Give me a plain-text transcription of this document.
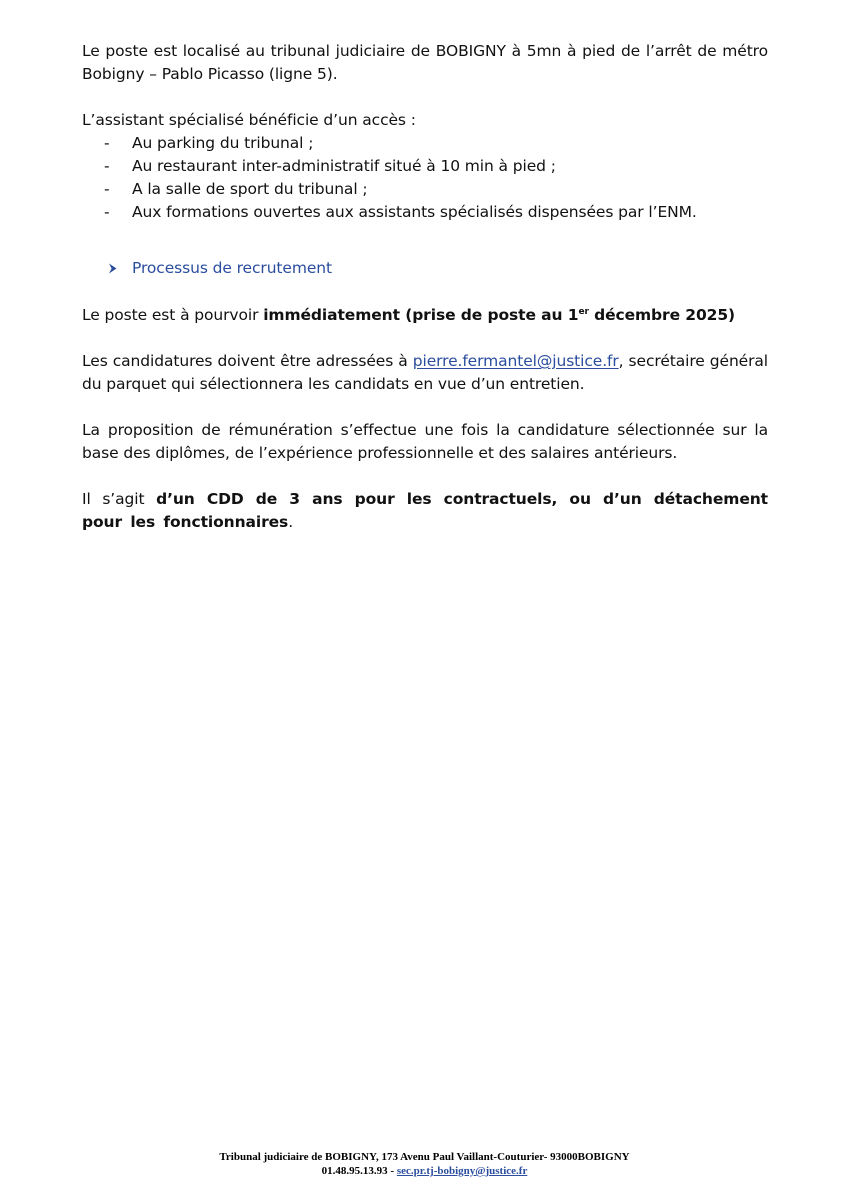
Le poste est localisé au tribunal judiciaire de BOBIGNY à 5mn à pied de l’arrêt de métro Bobigny – Pablo Picasso (ligne 5).

L’assistant spécialisé bénéficie d’un accès :

-	Au parking du tribunal ;
-	Au restaurant inter-administratif situé à 10 min à pied ;
-	A la salle de sport du tribunal ;
-	Aux formations ouvertes aux assistants spécialisés dispensées par l’ENM.
Processus de recrutement

Le poste est à pourvoir immédiatement (prise de poste au 1er décembre 2025)

Les candidatures doivent être adressées à pierre.fermantel@justice.fr, secrétaire général du parquet qui sélectionnera les candidats en vue d’un entretien.

La proposition de rémunération s’effectue une fois la candidature sélectionnée sur la base des diplômes, de l’expérience professionnelle et des salaires antérieurs.

Il s’agit d’un CDD de 3 ans pour les contractuels, ou d’un détachement pour les fonctionnaires.

Tribunal judiciaire de BOBIGNY, 173 Avenu Paul Vaillant-Couturier- 93000BOBIGNY
01.48.95.13.93 - sec.pr.tj-bobigny@justice.fr
